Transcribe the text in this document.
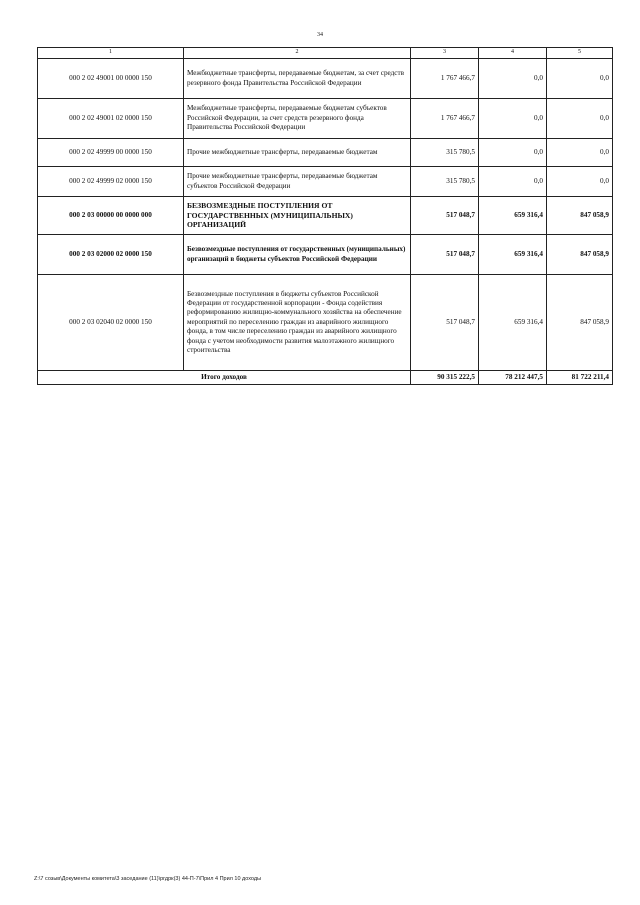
34
1	2	3	4	5
000 2 02 49001 00 0000 150	Межбюджетные трансферты, передаваемые бюджетам, за счет средств резервного фонда Правительства Российской Федерации	1 767 466,7	0,0	0,0
000 2 02 49001 02 0000 150	Межбюджетные трансферты, передаваемые бюджетам субъектов Российской Федерации, за счет средств резервного фонда Правительства Российской Федерации	1 767 466,7	0,0	0,0
000 2 02 49999 00 0000 150	Прочие межбюджетные трансферты, передаваемые бюджетам	315 780,5	0,0	0,0
000 2 02 49999 02 0000 150	Прочие межбюджетные трансферты, передаваемые бюджетам субъектов Российской Федерации	315 780,5	0,0	0,0
000 2 03 00000 00 0000 000	БЕЗВОЗМЕЗДНЫЕ ПОСТУПЛЕНИЯ ОТ ГОСУДАРСТВЕННЫХ (МУНИЦИПАЛЬНЫХ) ОРГАНИЗАЦИЙ	517 048,7	659 316,4	847 058,9
000 2 03 02000 02 0000 150	Безвозмездные поступления от государственных (муниципальных) организаций в бюджеты субъектов Российской Федерации	517 048,7	659 316,4	847 058,9
000 2 03 02040 02 0000 150	Безвозмездные поступления в бюджеты субъектов Российской Федерации от государственной корпорации - Фонда содействия реформированию жилищно-коммунального хозяйства на обеспечение мероприятий по переселению граждан из аварийного жилищного фонда, в том числе переселению граждан из аварийного жилищного фонда с учетом необходимости развития малоэтажного жилищного строительства	517 048,7	659 316,4	847 058,9
Итого доходов		90 315 222,5	78 212 447,5	81 722 211,4
Z:\7 созыв\Документы комитета\3 заседание (11)\ргдрк(3) 44-П-7\Прил 4 Прил 10 доходы
